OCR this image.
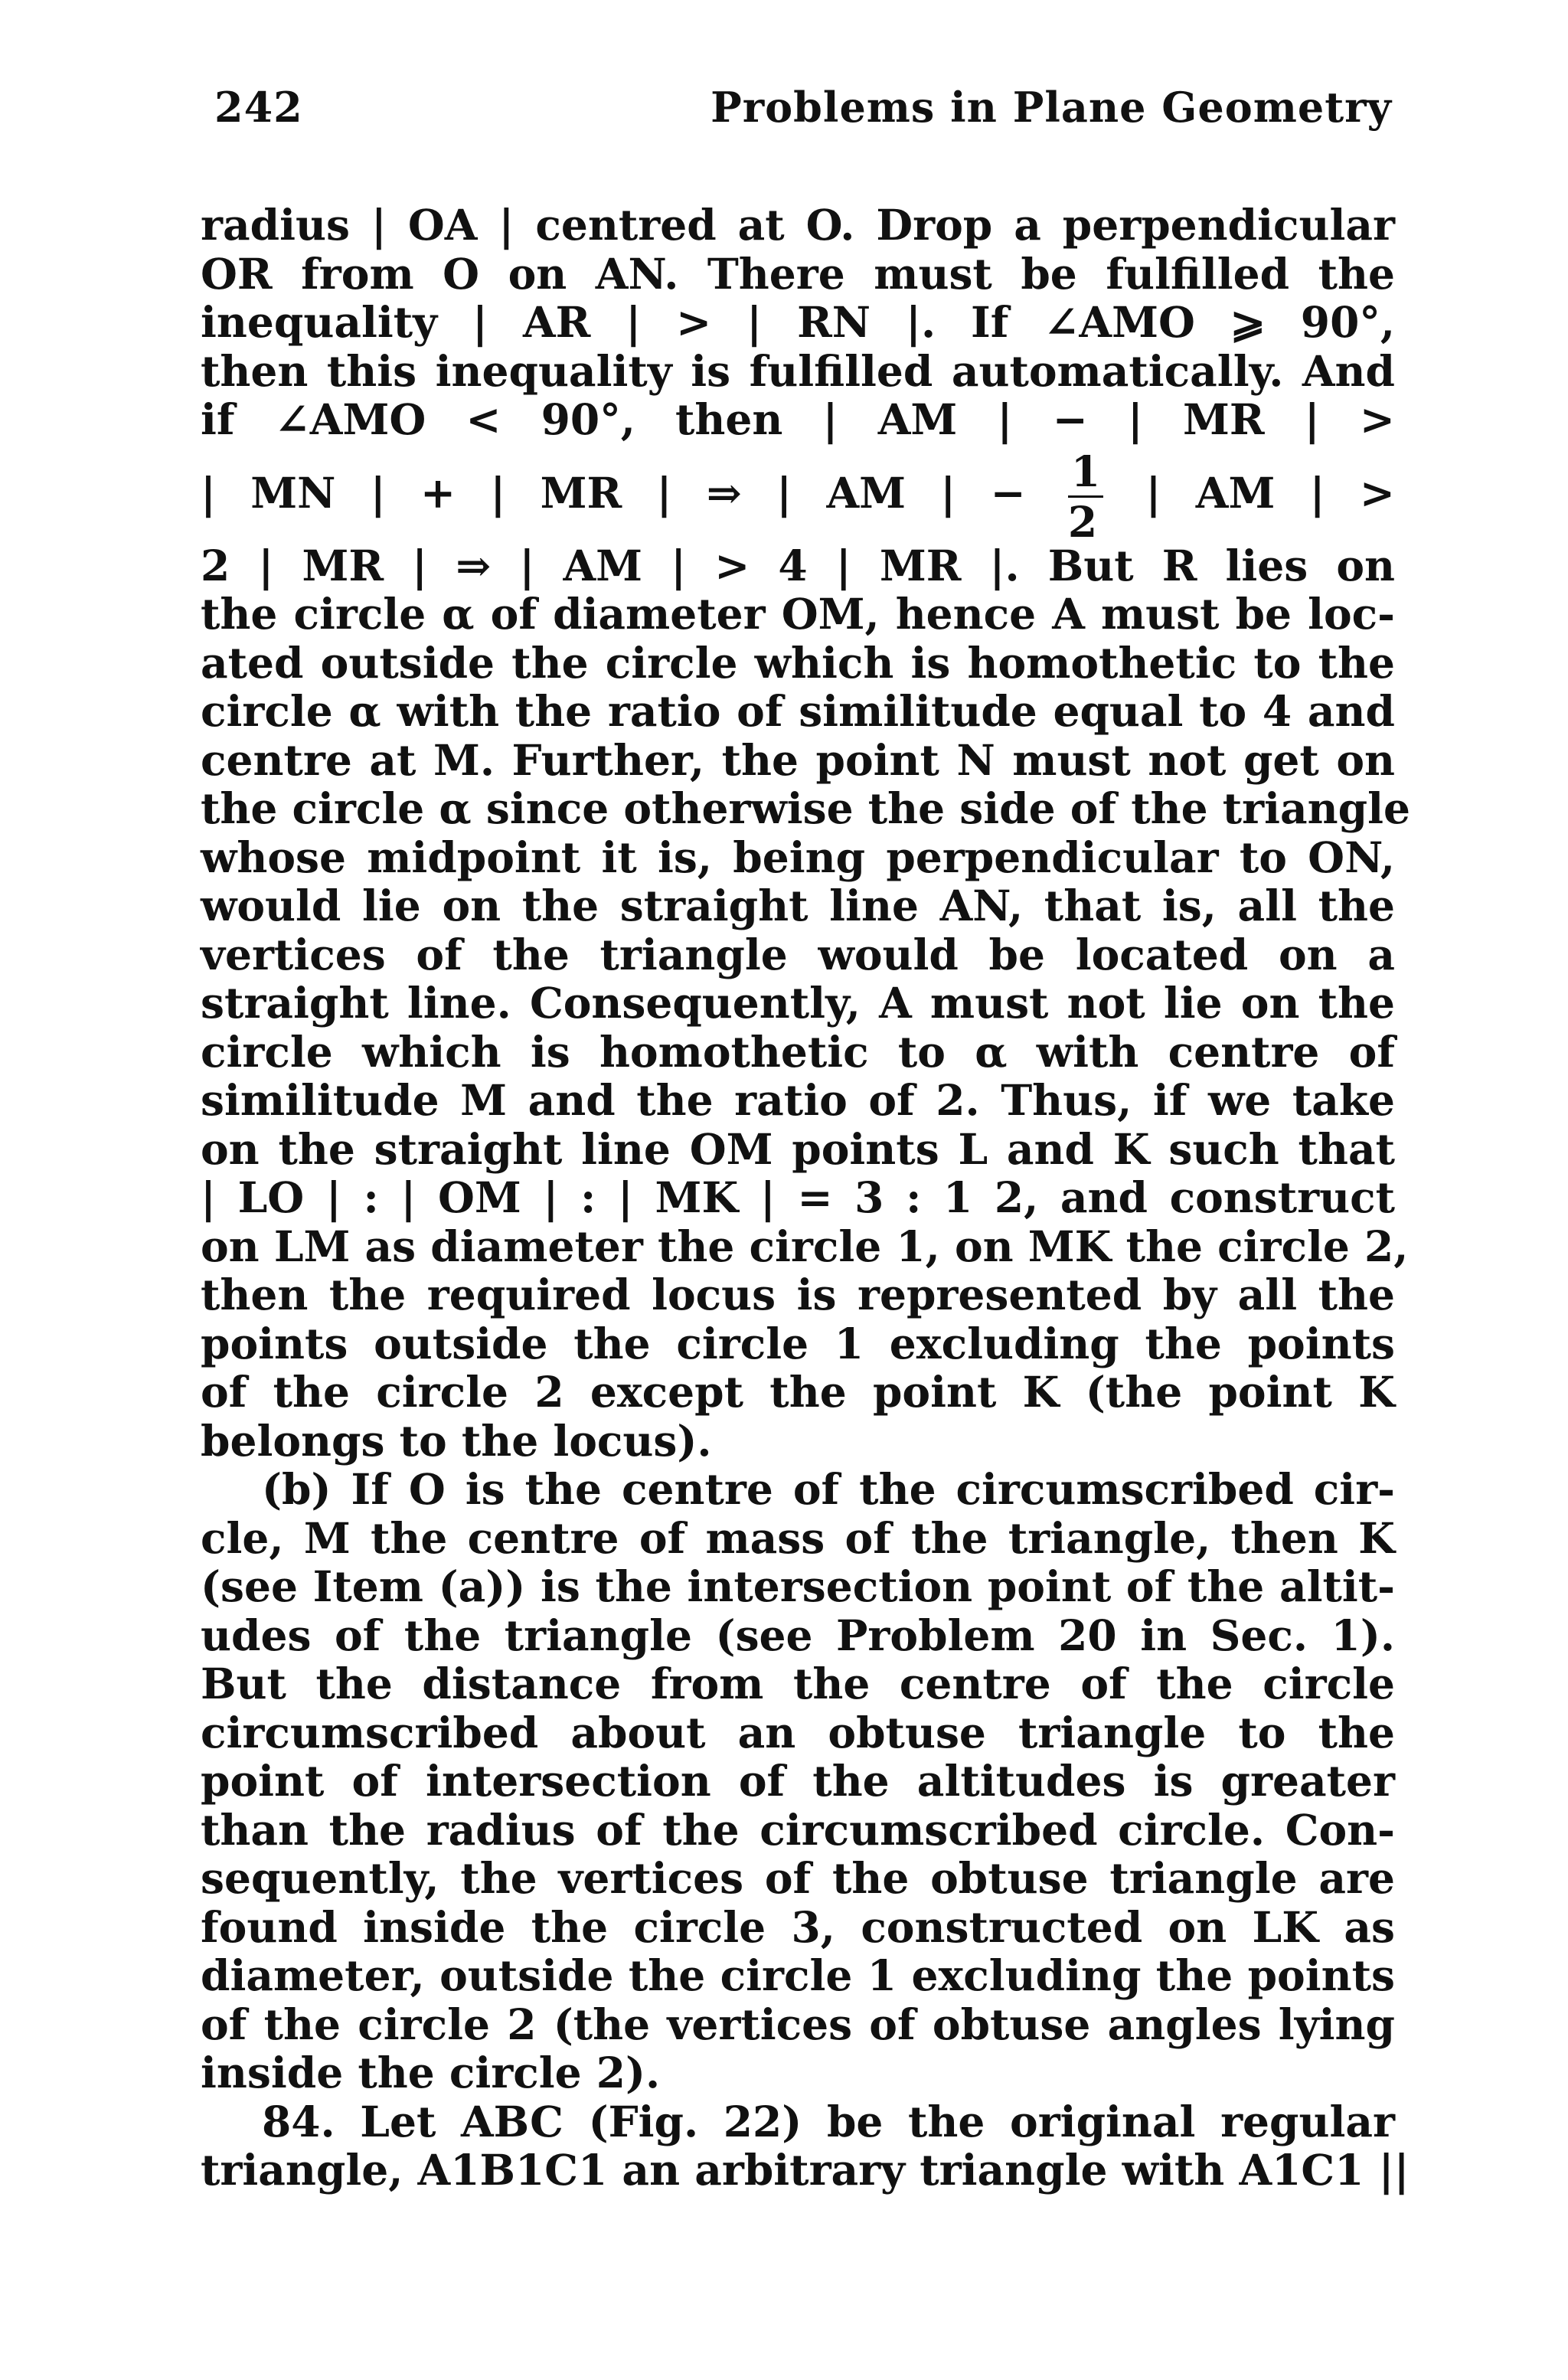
242	Problems in Plane Geometry
radius | OA | centred at O. Drop a perpendicular
OR from O on AN. There must be fulfilled the
inequality | AR | > | RN |. If ∠AMO ⩾ 90°,
then this inequality is fulfilled automatically. And
if ∠AMO < 90°, then | AM | − | MR | >
| MN | + | MR | ⇒ | AM | − $\frac{1}{2}$ | AM | >
2 | MR | ⇒ | AM | > 4 | MR |. But R lies on
the circle α of diameter OM, hence A must be loc-
ated outside the circle which is homothetic to the
circle α with the ratio of similitude equal to 4 and
centre at M. Further, the point N must not get on
the circle α since otherwise the side of the triangle
whose midpoint it is, being perpendicular to ON,
would lie on the straight line AN, that is, all the
vertices of the triangle would be located on a
straight line. Consequently, A must not lie on the
circle which is homothetic to α with centre of
similitude M and the ratio of 2. Thus, if we take
on the straight line OM points L and K such that
| LO | : | OM | : | MK | = 3 : 1 2, and construct
on LM as diameter the circle 1, on MK the circle 2,
then the required locus is represented by all the
points outside the circle 1 excluding the points
of the circle 2 except the point K (the point K
belongs to the locus).
(b) If O is the centre of the circumscribed cir-
cle, M the centre of mass of the triangle, then K
(see Item (a)) is the intersection point of the altit-
udes of the triangle (see Problem 20 in Sec. 1).
But the distance from the centre of the circle
circumscribed about an obtuse triangle to the
point of intersection of the altitudes is greater
than the radius of the circumscribed circle. Con-
sequently, the vertices of the obtuse triangle are
found inside the circle 3, constructed on LK as
diameter, outside the circle 1 excluding the points
of the circle 2 (the vertices of obtuse angles lying
inside the circle 2).
84. Let ABC (Fig. 22) be the original regular
triangle, A1B1C1 an arbitrary triangle with A1C1 ||
